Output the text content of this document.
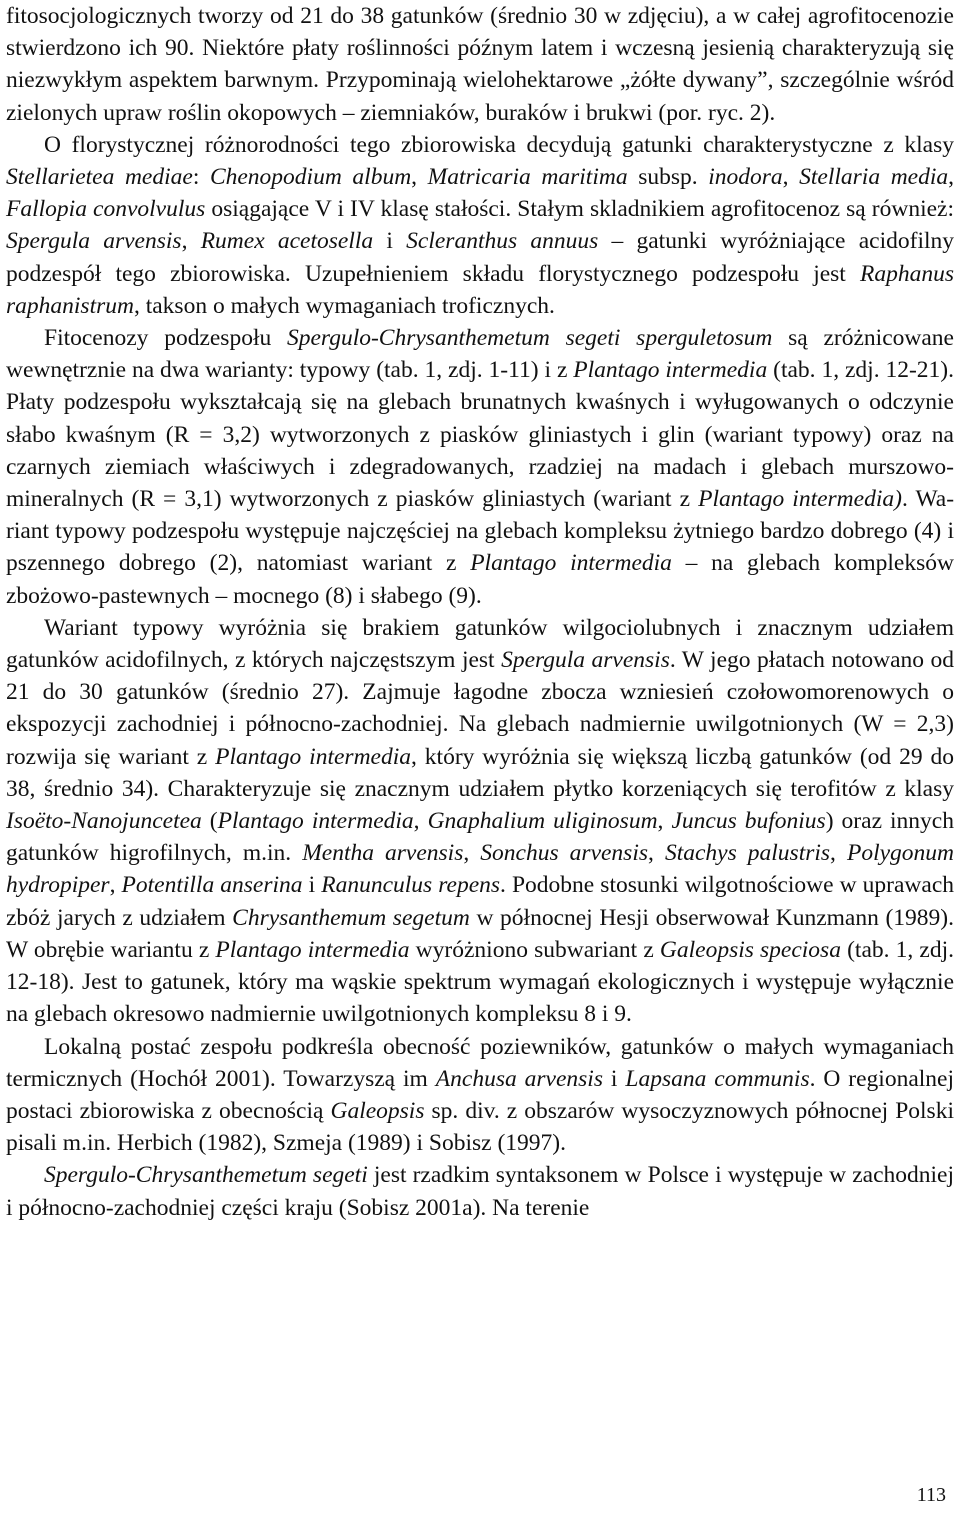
fitosocjologicznych tworzy od 21 do 38 gatunków (średnio 30 w zdjęciu), a w całej agrofitocenozie stwierdzono ich 90. Niektóre płaty roślinności późnym latem i wczesną jesienią charakteryzują się niezwykłym aspektem barwnym. Przypominają wielohektarowe „żółte dywany”, szczególnie wśród zielonych upraw roślin okopowych – ziemniaków, buraków i brukwi (por. ryc. 2).

O florystycznej różnorodności tego zbiorowiska decydują gatunki charakterystyczne z klasy Stellarietea mediae: Chenopodium album, Matricaria maritima subsp. inodora, Stellaria media, Fallopia convolvulus osiągające V i IV klasę stałości. Stałym skladnikiem agrofitocenoz są również: Spergula arvensis, Rumex acetosella i Scleranthus annuus – gatunki wyróżniające acidofilny podzespół tego zbiorowiska. Uzupełnieniem składu florystycznego podzespołu jest Raphanus raphanistrum, takson o małych wymaganiach troficznych.

Fitocenozy podzespołu Spergulo-Chrysanthemetum segeti sperguletosum są zróżnicowane wewnętrznie na dwa warianty: typowy (tab. 1, zdj. 1-11) i z Plantago intermedia (tab. 1, zdj. 12-21). Płaty podzespołu wykształcają się na glebach brunatnych kwaśnych i wyługowanych o odczynie słabo kwaśnym (R = 3,2) wytworzonych z piasków gliniastych i glin (wariant typowy) oraz na czarnych ziemiach właściwych i zdegradowanych, rzadziej na madach i glebach murszowo-mineralnych (R = 3,1) wytworzonych z piasków gliniastych (wariant z Plantago intermedia). Wariant typowy podzespołu występuje najczęściej na glebach kompleksu żytniego bardzo dobrego (4) i pszennego dobrego (2), natomiast wariant z Plantago intermedia – na glebach kompleksów zbożowo-pastewnych – mocnego (8) i słabego (9).

Wariant typowy wyróżnia się brakiem gatunków wilgociolubnych i znacznym udziałem gatunków acidofilnych, z których najczęstszym jest Spergula arvensis. W jego płatach notowano od 21 do 30 gatunków (średnio 27). Zajmuje łagodne zbocza wzniesień czołowomorenowych o ekspozycji zachodniej i północno-zachodniej. Na glebach nadmiernie uwilgotnionych (W = 2,3) rozwija się wariant z Plantago intermedia, który wyróżnia się większą liczbą gatunków (od 29 do 38, średnio 34). Charakteryzuje się znacznym udziałem płytko korzeniących się terofitów z klasy Isoëto-Nanojuncetea (Plantago intermedia, Gnaphalium uliginosum, Juncus bufonius) oraz innych gatunków higrofilnych, m.in. Mentha arvensis, Sonchus arvensis, Stachys palustris, Polygonum hydropiper, Potentilla anserina i Ranunculus repens. Podobne stosunki wilgotnościowe w uprawach zbóż jarych z udziałem Chrysanthemum segetum w północnej Hesji obserwował Kunzmann (1989). W obrębie wariantu z Plantago intermedia wyróżniono subwariant z Galeopsis speciosa (tab. 1, zdj. 12-18). Jest to gatunek, który ma wąskie spektrum wymagań ekologicznych i występuje wyłącznie na glebach okresowo nadmiernie uwilgotnionych kompleksu 8 i 9.

Lokalną postać zespołu podkreśla obecność poziewników, gatunków o małych wymaganiach termicznych (Hochół 2001). Towarzyszą im Anchusa arvensis i Lapsana communis. O regionalnej postaci zbiorowiska z obecnością Galeopsis sp. div. z obszarów wysoczyznowych północnej Polski pisali m.in. Herbich (1982), Szmeja (1989) i Sobisz (1997).

Spergulo-Chrysanthemetum segeti jest rzadkim syntaksonem w Polsce i występuje w zachodniej i północno-zachodniej części kraju (Sobisz 2001a). Na terenie

113
